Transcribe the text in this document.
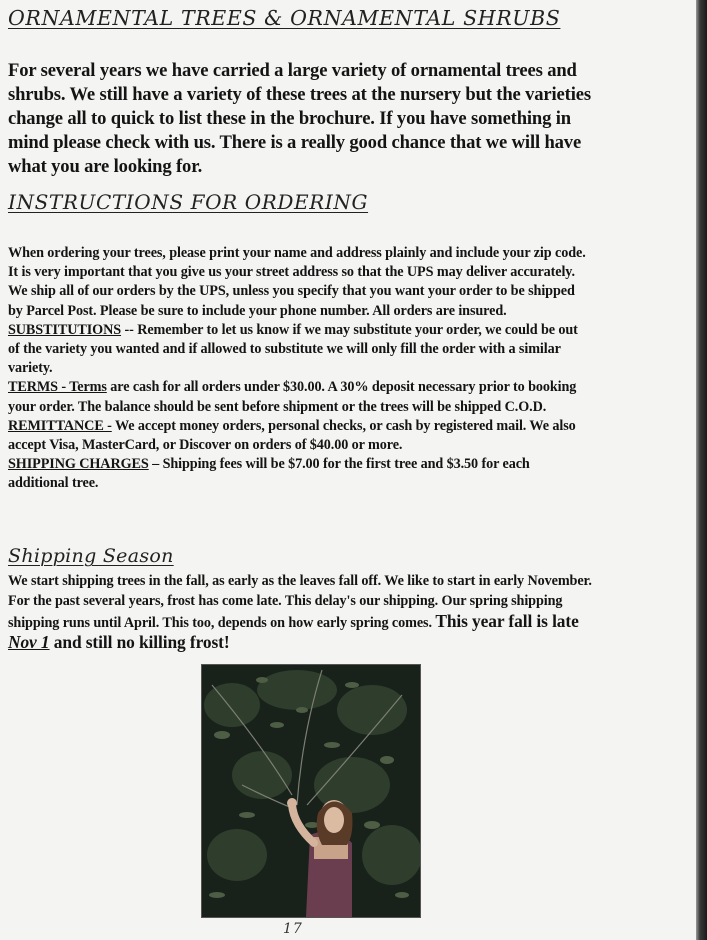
ORNAMENTAL TREES & ORNAMENTAL SHRUBS

For several years we have carried a large variety of ornamental trees and shrubs. We still have a variety of these trees at the nursery but the varieties change all to quick to list these in the brochure. If you have something in mind please check with us. There is a really good chance that we will have what you are looking for.

INSTRUCTIONS FOR ORDERING
When ordering your trees, please print your name and address plainly and include your zip code. It is very important that you give us your street address so that the UPS may deliver accurately. We ship all of our orders by the UPS, unless you specify that you want your order to be shipped by Parcel Post. Please be sure to include your phone number. All orders are insured.
SUBSTITUTIONS -- Remember to let us know if we may substitute your order, we could be out of the variety you wanted and if allowed to substitute we will only fill the order with a similar variety.
TERMS - Terms are cash for all orders under $30.00. A 30% deposit necessary prior to booking your order. The balance should be sent before shipment or the trees will be shipped C.O.D.
REMITTANCE - We accept money orders, personal checks, or cash by registered mail. We also accept Visa, MasterCard, or Discover on orders of $40.00 or more.
SHIPPING CHARGES – Shipping fees will be $7.00 for the first tree and $3.50 for each additional tree.
Shipping Season

We start shipping trees in the fall, as early as the leaves fall off. We like to start in early November. For the past several years, frost has come late. This delay's our shipping. Our spring shipping shipping runs until April. This too, depends on how early spring comes. This year fall is late Nov 1 and still no killing frost!

17
